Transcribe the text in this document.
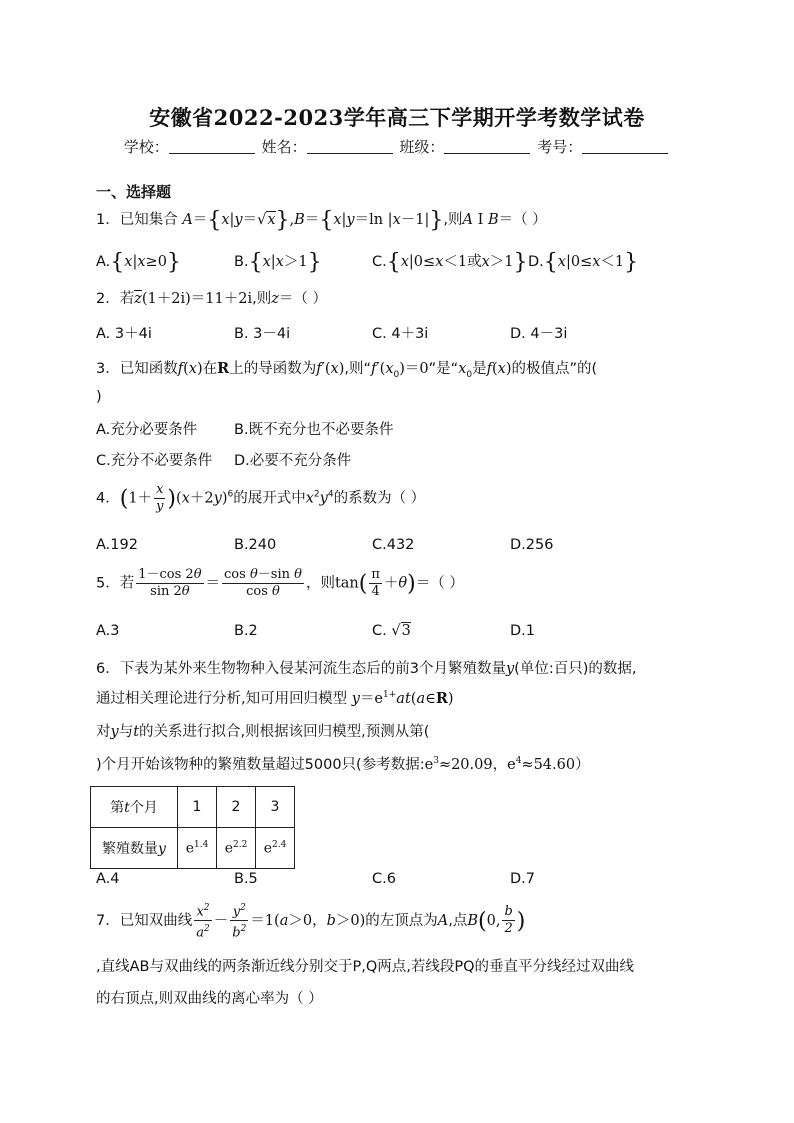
安徽省2022-2023学年高三下学期开学考数学试卷
学校：	姓名：	班级：	考号：
一、选择题
1．已知集合 A＝{x|y＝√x},B＝{x|y＝ln |x－1|},则A I B＝（ ）
A.{x|x≥0}	B.{x|x＞1}	C.{x|0≤x＜1或x＞1} D.{x|0≤x＜1}
2．若$\overline{z}(1+2i)=11+2i$,则z＝（ ）
A. 3＋4i	B. 3－4i	C. 4＋3i	D. 4－3i
3．已知函数f(x)在R上的导函数为f′(x),则“$f'(x_0)=0$”是“$x_0$是f(x)的极值点”的(
)
A.充分必要条件	B.既不充分也不必要条件
C.充分不必要条件 D.必要不充分条件
4．$(1+ \frac{x}{y} )(x+2y)^6$的展开式中$x^2y^4$的系数为（ ）
A.192	B.240	C.432	D.256
5．若 $\frac{1-\cos 2\theta}{\sin 2\theta} = \frac{\text{cos θ－sin θ}}{\text{cos θ}}$ ，则$\tan( \frac{\pi}{4} +\theta)=$（ ）
A.3	B.2	C. √3	D.1
6．下表为某外来生物物种入侵某河流生态后的前3个月繁殖数量y(单位:百只)的数据,
通过相关理论进行分析,知可用回归模型 $y=e^{1+}at(a\in R)$
对y与t的关系进行拟合,则根据该回归模型,预测从第(
)个月开始该物种的繁殖数量超过5000只(参考数据$:e^3\approx 20.09$，$e^4\approx 54.60$）
第t个月	1	2	3
繁殖数量y	$e^{1.4}$	$e^{2.2}$	$e^{2.4}$
A.4	B.5	C.6	D.7
7．已知双曲线 $\frac{x^2}{a^2} - \frac{y^2}{b^2} =1(a>0$，b＞0)的左顶点为A,点B(0, $\frac{b}{2}$ )
,直线AB与双曲线的两条渐近线分别交于P,Q两点,若线段PQ的垂直平分线经过双曲线
的右顶点,则双曲线的离心率为（ ）
